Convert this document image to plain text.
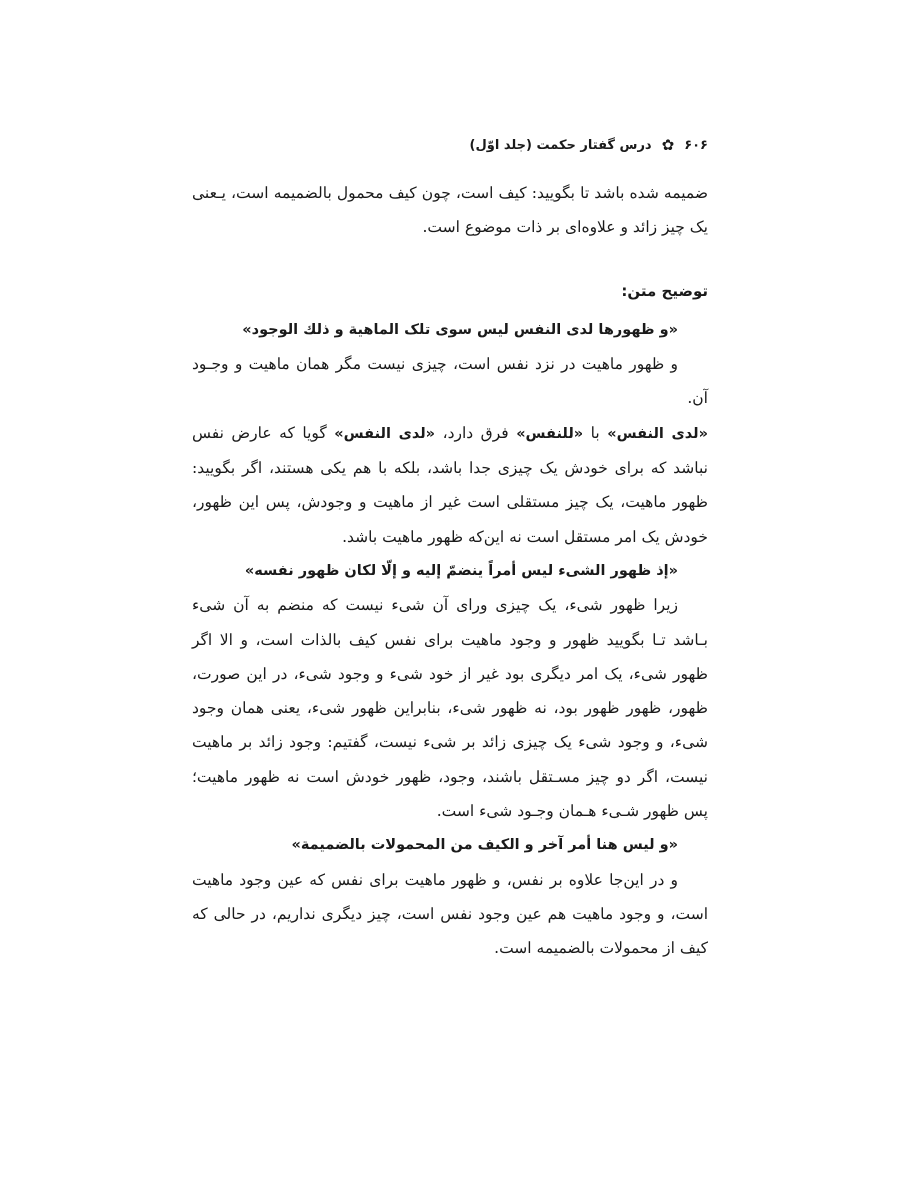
۶۰۶
✿
درس گفتار حکمت (جلد اوّل)

ضمیمه شده باشد تا بگویید: کیف است، چون کیف محمول بالضمیمه است، یـعنی یک چیز زائد و علاوه‌ای بر ذات موضوع است.

توضیح متن:

«و ظهورها لدی النفس لیس سوی تلک الماهیة و ذلك الوجود»

و ظهور ماهیت در نزد نفس است، چیزی نیست مگر همان ماهیت و وجـود آن.

«لدی النفس» با «للنفس» فرق دارد، «لدی النفس» گویا که عارض نفس نباشد که برای خودش یک چیزی جدا باشد، بلکه با هم یکی هستند، اگر بگویید: ظهور ماهیت، یک چیز مستقلی است غیر از ماهیت و وجودش، پس این ظهور، خودش یک امر مستقل است نه این‌که ظهور ماهیت باشد.

«إذ ظهور الشیء لیس أمراً ینضمّ إلیه و إلّا لکان ظهور نفسه»

زیرا ظهور شیء، یک چیزی ورای آن شیء نیست که منضم به آن شیء بـاشد تـا بگویید ظهور و وجود ماهیت برای نفس کیف بالذات است، و الا اگر ظهور شیء، یک امر دیگری بود غیر از خود شیء و وجود شیء، در این صورت، ظهور، ظهور ظهور بود، نه ظهور شیء، بنابراین ظهور شیء، یعنی همان وجود شیء، و وجود شیء یک چیزی زائد بر شیء نیست، گفتیم: وجود زائد بر ماهیت نیست، اگر دو چیز مسـتقل باشند، وجود، ظهور خودش است نه ظهور ماهیت؛ پس ظهور شـیء هـمان وجـود شیء است.

«و لیس هنا أمر آخر و الکیف من المحمولات بالضمیمة»

و در این‌جا علاوه بر نفس، و ظهور ماهیت برای نفس که عین وجود ماهیت است، و وجود ماهیت هم عین وجود نفس است، چیز دیگری نداریم، در حالی که کیف از محمولات بالضمیمه است.
